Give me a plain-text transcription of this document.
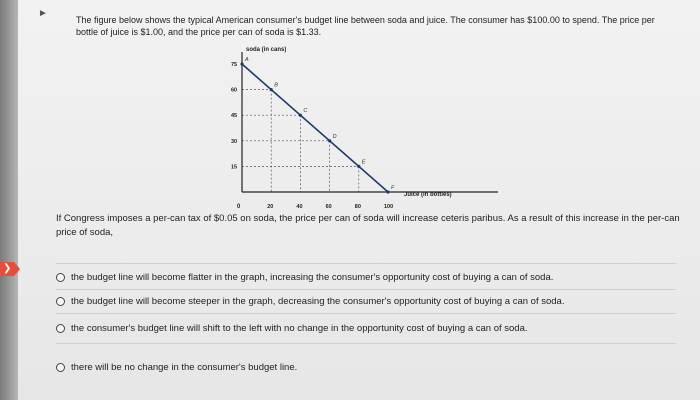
❯
►
The figure below shows the typical American consumer's budget line between soda and juice. The consumer has $100.00 to spend. The price per bottle of juice is $1.00, and the price per can of soda is $1.33.
soda (in cans)
Juice (in bottles)
0	20	40	60	80	100
75
60
45
30
15
A
B
C
D
E
F
If Congress imposes a per-can tax of $0.05 on soda, the price per can of soda will increase ceteris paribus. As a result of this increase in the per-can price of soda,
the budget line will become flatter in the graph, increasing the consumer's opportunity cost of buying a can of soda.
the budget line will become steeper in the graph, decreasing the consumer's opportunity cost of buying a can of soda.
the consumer's budget line will shift to the left with no change in the opportunity cost of buying a can of soda.
there will be no change in the consumer's budget line.
